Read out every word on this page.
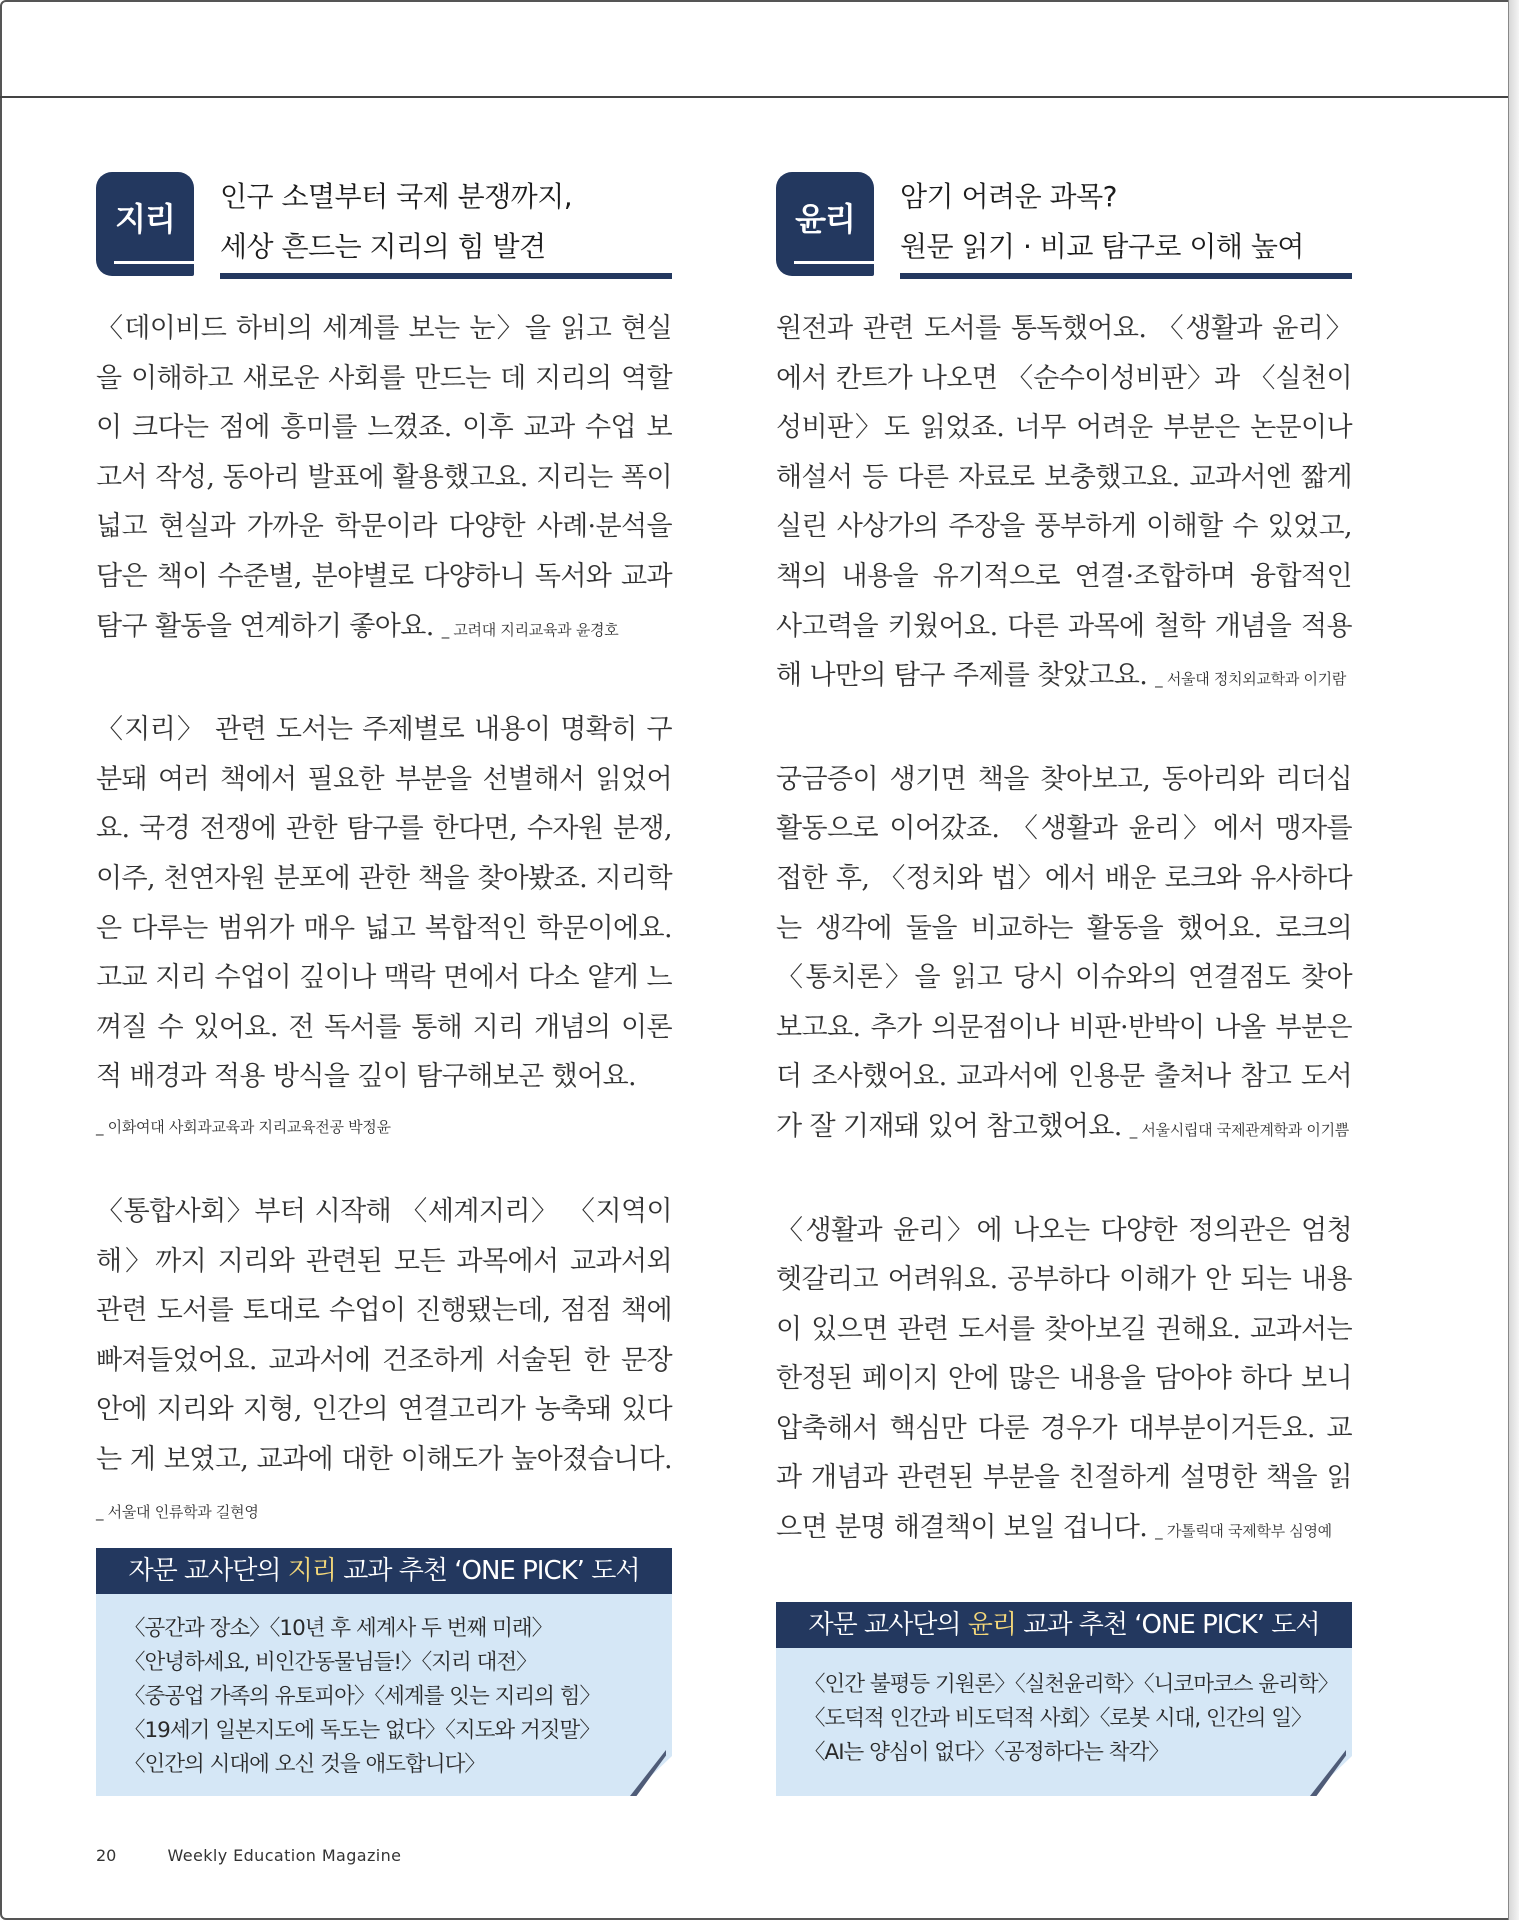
지리
인구 소멸부터 국제 분쟁까지,
세상 흔드는 지리의 힘 발견
〈데이비드 하비의 세계를 보는 눈〉을 읽고 현실을 이해하고 새로운 사회를 만드는 데 지리의 역할이 크다는 점에 흥미를 느꼈죠. 이후 교과 수업 보고서 작성, 동아리 발표에 활용했고요. 지리는 폭이 넓고 현실과 가까운 학문이라 다양한 사례·분석을 담은 책이 수준별, 분야별로 다양하니 독서와 교과 탐구 활동을 연계하기 좋아요. _ 고려대 지리교육과 윤경호
〈지리〉 관련 도서는 주제별로 내용이 명확히 구분돼 여러 책에서 필요한 부분을 선별해서 읽었어요. 국경 전쟁에 관한 탐구를 한다면, 수자원 분쟁, 이주, 천연자원 분포에 관한 책을 찾아봤죠. 지리학은 다루는 범위가 매우 넓고 복합적인 학문이에요. 고교 지리 수업이 깊이나 맥락 면에서 다소 얕게 느껴질 수 있어요. 전 독서를 통해 지리 개념의 이론적 배경과 적용 방식을 깊이 탐구해보곤 했어요.
_ 이화여대 사회과교육과 지리교육전공 박정윤
〈통합사회〉부터 시작해 〈세계지리〉 〈지역이해〉까지 지리와 관련된 모든 과목에서 교과서외 관련 도서를 토대로 수업이 진행됐는데, 점점 책에 빠져들었어요. 교과서에 건조하게 서술된 한 문장 안에 지리와 지형, 인간의 연결고리가 농축돼 있다는 게 보였고, 교과에 대한 이해도가 높아졌습니다. _ 서울대 인류학과 길현영
자문 교사단의 지리 교과 추천 ‘ONE PICK’ 도서
〈공간과 장소〉〈10년 후 세계사 두 번째 미래〉
〈안녕하세요, 비인간동물님들!〉〈지리 대전〉
〈중공업 가족의 유토피아〉〈세계를 잇는 지리의 힘〉
〈19세기 일본지도에 독도는 없다〉〈지도와 거짓말〉
〈인간의 시대에 오신 것을 애도합니다〉
윤리
암기 어려운 과목?
원문 읽기 · 비교 탐구로 이해 높여
원전과 관련 도서를 통독했어요. 〈생활과 윤리〉에서 칸트가 나오면 〈순수이성비판〉과 〈실천이성비판〉도 읽었죠. 너무 어려운 부분은 논문이나 해설서 등 다른 자료로 보충했고요. 교과서엔 짧게 실린 사상가의 주장을 풍부하게 이해할 수 있었고, 책의 내용을 유기적으로 연결·조합하며 융합적인 사고력을 키웠어요. 다른 과목에 철학 개념을 적용해 나만의 탐구 주제를 찾았고요. _ 서울대 정치외교학과 이기람
궁금증이 생기면 책을 찾아보고, 동아리와 리더십 활동으로 이어갔죠. 〈생활과 윤리〉에서 맹자를 접한 후, 〈정치와 법〉에서 배운 로크와 유사하다는 생각에 둘을 비교하는 활동을 했어요. 로크의 〈통치론〉을 읽고 당시 이슈와의 연결점도 찾아보고요. 추가 의문점이나 비판·반박이 나올 부분은 더 조사했어요. 교과서에 인용문 출처나 참고 도서가 잘 기재돼 있어 참고했어요. _ 서울시립대 국제관계학과 이기쁨
〈생활과 윤리〉에 나오는 다양한 정의관은 엄청 헷갈리고 어려워요. 공부하다 이해가 안 되는 내용이 있으면 관련 도서를 찾아보길 권해요. 교과서는 한정된 페이지 안에 많은 내용을 담아야 하다 보니 압축해서 핵심만 다룬 경우가 대부분이거든요. 교과 개념과 관련된 부분을 친절하게 설명한 책을 읽으면 분명 해결책이 보일 겁니다. _ 가톨릭대 국제학부 심영예
자문 교사단의 윤리 교과 추천 ‘ONE PICK’ 도서
〈인간 불평등 기원론〉〈실천윤리학〉〈니코마코스 윤리학〉
〈도덕적 인간과 비도덕적 사회〉〈로봇 시대, 인간의 일〉
〈AI는 양심이 없다〉〈공정하다는 착각〉
20	Weekly Education Magazine
